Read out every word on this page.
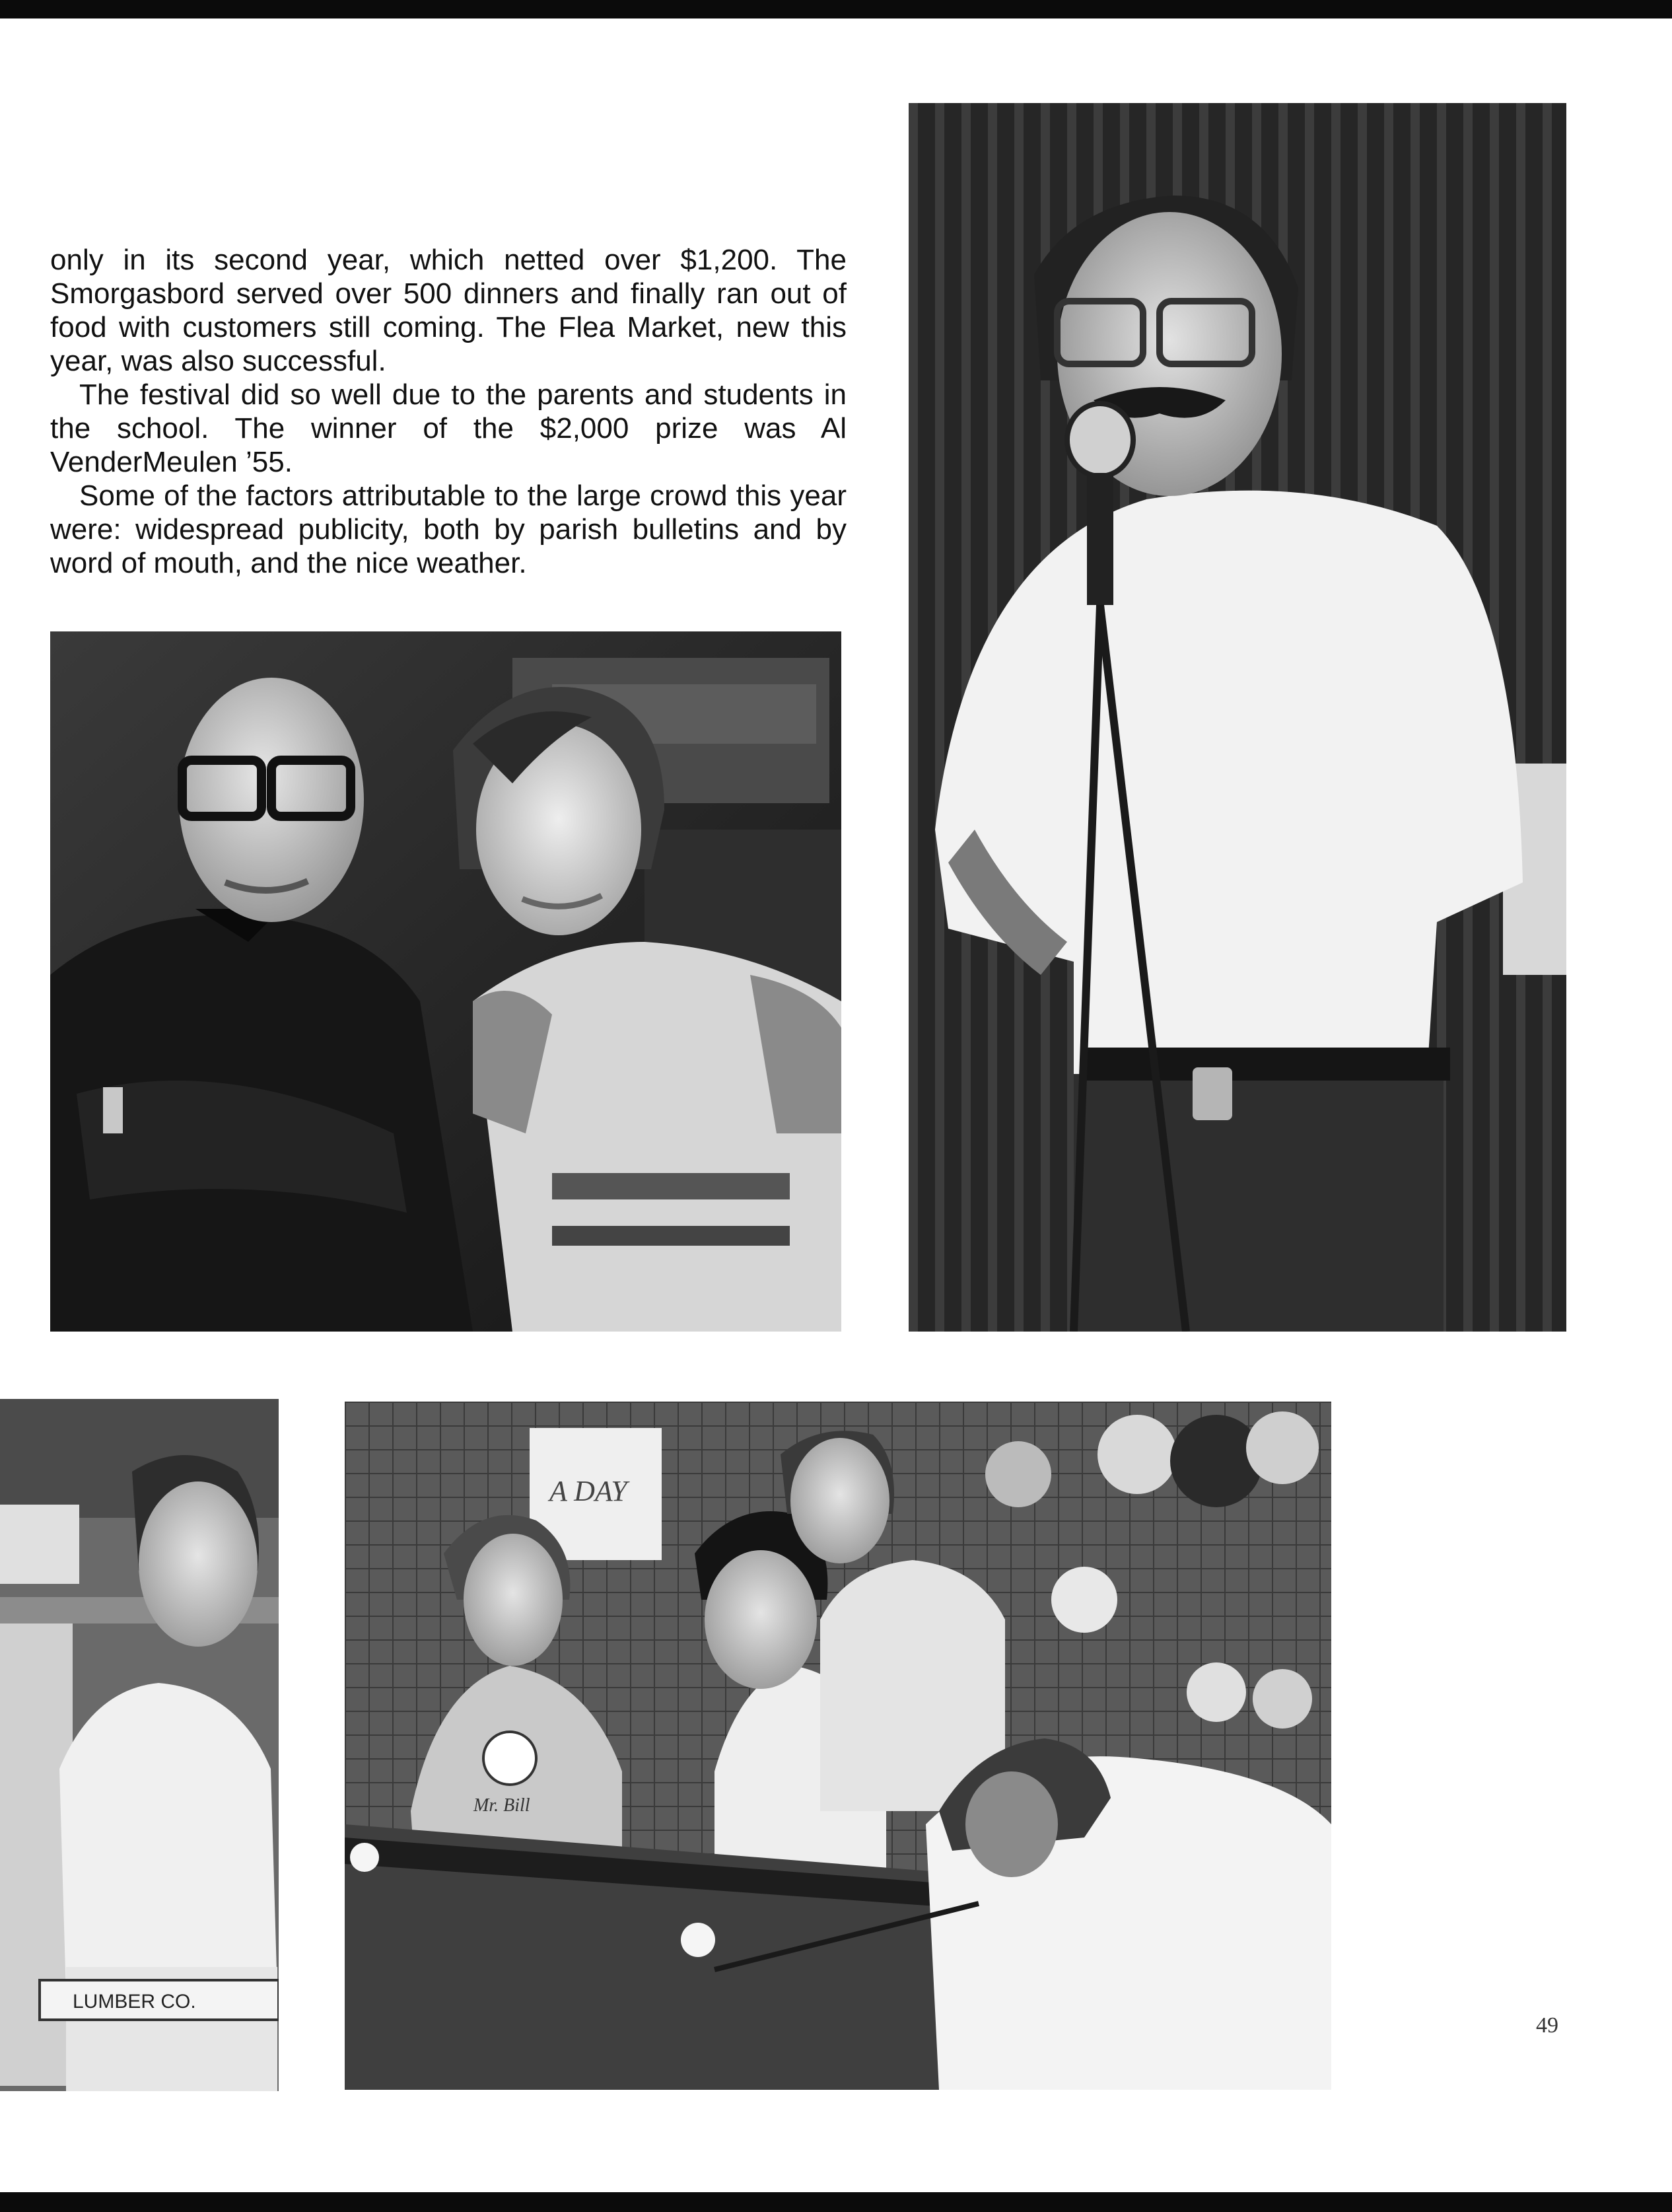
only in its second year, which netted over $1,200. The Smorgasbord served over 500 dinners and finally ran out of food with customers still coming. The Flea Market, new this year, was also successful.

The festival did so well due to the parents and students in the school. The winner of the $2,000 prize was Al VenderMeulen ’55.

Some of the factors attributable to the large crowd this year were: widespread publicity, both by parish bulletins and by word of mouth, and the nice weather.

LUMBER CO.
A DAY
Mr. Bill
49
